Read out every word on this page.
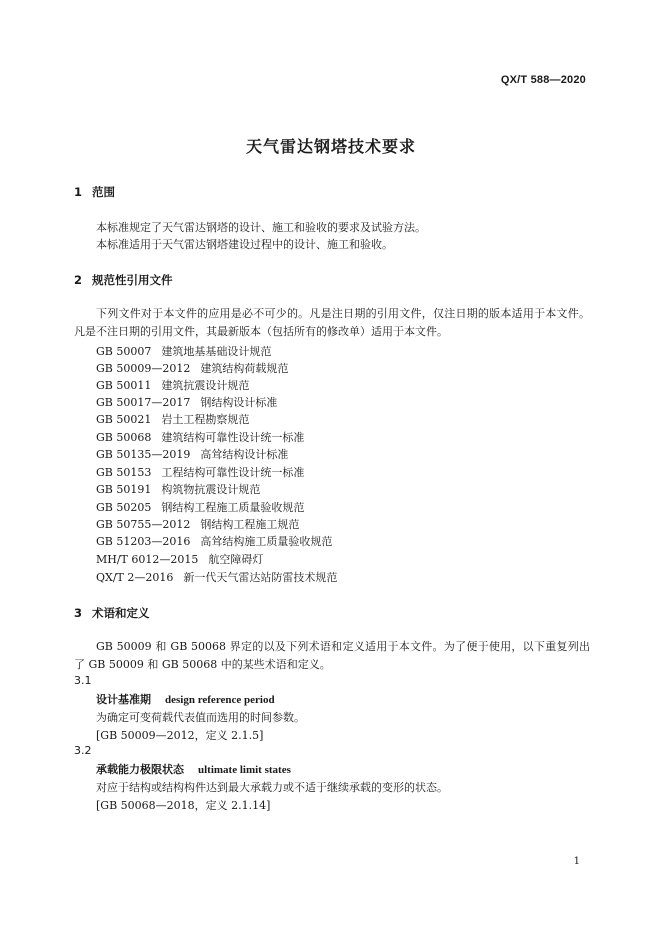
QX/T 588—2020
天气雷达钢塔技术要求
1 范围
本标准规定了天气雷达钢塔的设计、施工和验收的要求及试验方法。
本标准适用于天气雷达钢塔建设过程中的设计、施工和验收。
2 规范性引用文件
下列文件对于本文件的应用是必不可少的。凡是注日期的引用文件，仅注日期的版本适用于本文件。凡是不注日期的引用文件，其最新版本（包括所有的修改单）适用于本文件。
GB 50007 建筑地基基础设计规范
GB 50009—2012 建筑结构荷载规范
GB 50011 建筑抗震设计规范
GB 50017—2017 钢结构设计标准
GB 50021 岩土工程勘察规范
GB 50068 建筑结构可靠性设计统一标准
GB 50135—2019 高耸结构设计标准
GB 50153 工程结构可靠性设计统一标准
GB 50191 构筑物抗震设计规范
GB 50205 钢结构工程施工质量验收规范
GB 50755—2012 钢结构工程施工规范
GB 51203—2016 高耸结构施工质量验收规范
MH/T 6012—2015 航空障碍灯
QX/T 2—2016 新一代天气雷达站防雷技术规范
3 术语和定义
GB 50009 和 GB 50068 界定的以及下列术语和定义适用于本文件。为了便于使用，以下重复列出了 GB 50009 和 GB 50068 中的某些术语和定义。
3.1
设计基准期 design reference period
为确定可变荷载代表值而选用的时间参数。
[GB 50009—2012，定义 2.1.5]
3.2
承载能力极限状态 ultimate limit states
对应于结构或结构构件达到最大承载力或不适于继续承载的变形的状态。
[GB 50068—2018，定义 2.1.14]
1
